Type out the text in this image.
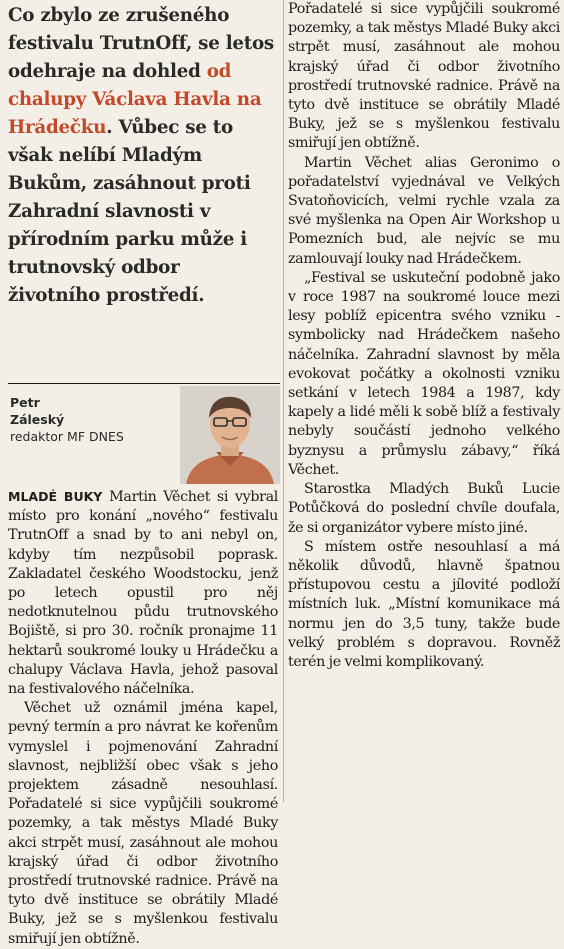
Co zbylo ze zrušeného festivalu TrutnOff, se letos odehraje na dohled od chalupy Václava Havla na Hrádečku. Vůbec se to však nelíbí Mladým Bukům, zasáhnout proti Zahradní slavnosti v přírodním parku může i trutnovský odbor životního prostředí.
Petr
Záleský
redaktor MF DNES

MLADÉ BUKY Martin Věchet si vybral místo pro konání „nového“ festivalu TrutnOff a snad by to ani nebyl on, kdyby tím nezpůsobil poprask. Zakladatel českého Woodstocku, jenž po letech opustil pro něj nedotknutelnou půdu trutnovského Bojiště, si pro 30. ročník pronajme 11 hektarů soukromé louky u Hrádečku a chalupy Václava Havla, jehož pasoval na festivalového náčelníka.

Věchet už oznámil jména kapel, pevný termín a pro návrat ke kořenům vymyslel i pojmenování Zahradní slavnost, nejbližší obec však s jeho projektem zásadně nesouhlasí. Pořadatelé si sice vypůjčili soukromé pozemky, a tak městys Mladé Buky akci strpět musí, zasáhnout ale mohou krajský úřad či odbor životního prostředí trutnovské radnice. Právě na tyto dvě instituce se obrátily Mladé Buky, jež se s myšlenkou festivalu smiřují jen obtížně.

Pořadatelé si sice vypůjčili soukromé pozemky, a tak městys Mladé Buky akci strpět musí, zasáhnout ale mohou krajský úřad či odbor životního prostředí trutnovské radnice. Právě na tyto dvě instituce se obrátily Mladé Buky, jež se s myšlenkou festivalu smiřují jen obtížně.

Martin Věchet alias Geronimo o pořadatelství vyjednával ve Velkých Svatoňovicích, velmi rychle vzala za své myšlenka na Open Air Workshop u Pomezních bud, ale nejvíc se mu zamlouvají louky nad Hrádečkem.

„Festival se uskuteční podobně jako v roce 1987 na soukromé louce mezi lesy poblíž epicentra svého vzniku - symbolicky nad Hrádečkem našeho náčelníka. Zahradní slavnost by měla evokovat počátky a okolnosti vzniku setkání v letech 1984 a 1987, kdy kapely a lidé měli k sobě blíž a festivaly nebyly součástí jednoho velkého byznysu a průmyslu zábavy,“ říká Věchet.

Starostka Mladých Buků Lucie Potůčková do poslední chvíle doufala, že si organizátor vybere místo jiné.

S místem ostře nesouhlasí a má několik důvodů, hlavně špatnou přístupovou cestu a jílovité podloží místních luk. „Místní komunikace má normu jen do 3,5 tuny, takže bude velký problém s dopravou. Rovněž terén je velmi komplikovaný.
